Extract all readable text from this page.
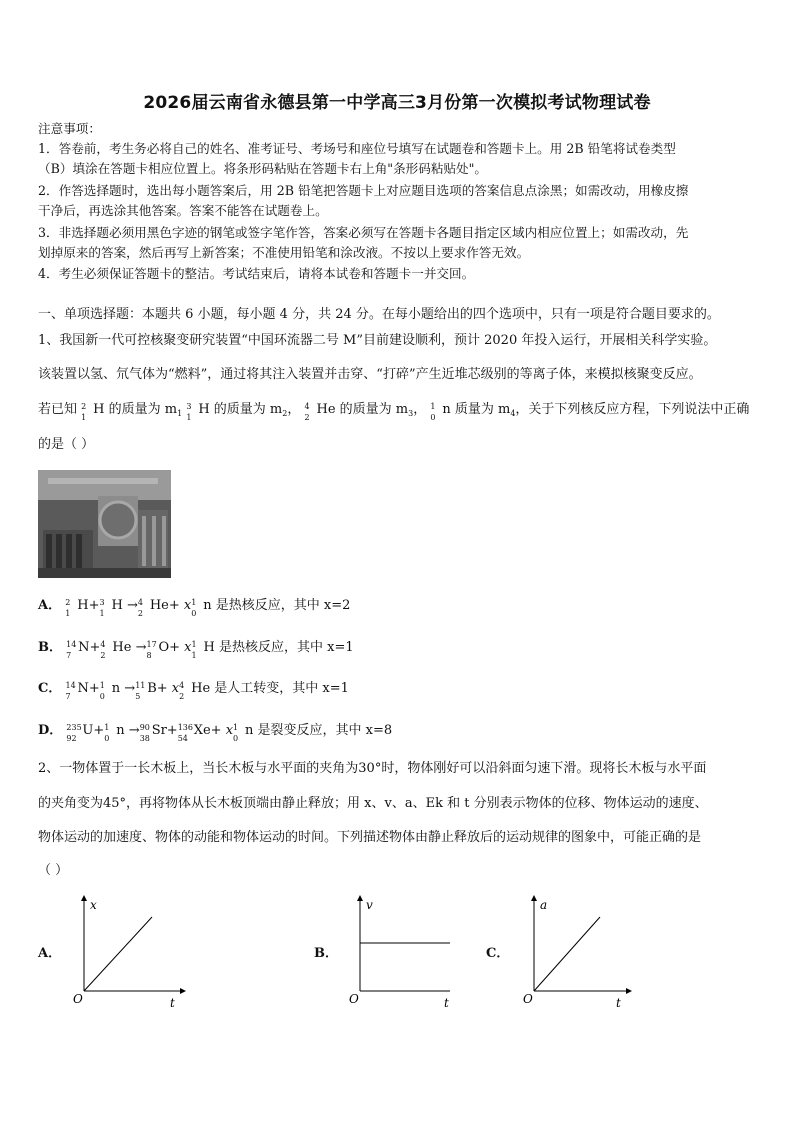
2026届云南省永德县第一中学高三3月份第一次模拟考试物理试卷
注意事项：
1．答卷前，考生务必将自己的姓名、准考证号、考场号和座位号填写在试题卷和答题卡上。用 2B 铅笔将试卷类型
（B）填涂在答题卡相应位置上。将条形码粘贴在答题卡右上角"条形码粘贴处"。
2．作答选择题时，选出每小题答案后，用 2B 铅笔把答题卡上对应题目选项的答案信息点涂黑；如需改动，用橡皮擦
干净后，再选涂其他答案。答案不能答在试题卷上。
3．非选择题必须用黑色字迹的钢笔或签字笔作答，答案必须写在答题卡各题目指定区域内相应位置上；如需改动，先
划掉原来的答案，然后再写上新答案；不准使用铅笔和涂改液。不按以上要求作答无效。
4．考生必须保证答题卡的整洁。考试结束后，请将本试卷和答题卡一并交回。
一、单项选择题：本题共 6 小题，每小题 4 分，共 24 分。在每小题给出的四个选项中，只有一项是符合题目要求的。
1、我国新一代可控核聚变研究装置“中国环流器二号 M”目前建设顺利，预计 2020 年投入运行，开展相关科学实验。
该装置以氢、氘气体为“燃料”，通过将其注入装置并击穿、“打碎”产生近堆芯级别的等离子体，来模拟核聚变反应。
若已知 2
1
H 的质量为 $m_1$
3
1
H 的质量为 $m_2$， 4
2
He 的质量为 $m_3$， 1
0
n 质量为 $m_4$，关于下列核反应方程，下列说法中正确
的是（ ）
A． 2
1
H+ 3
1
H → 4
2
He+ x 1
0
n 是热核反应，其中 x=2
B． 14
7
N+ 4
2
He → 17
8
O+ x 1
1
H 是热核反应，其中 x=1
C． 14
7
N+ 1
0
n → 11
5
B+ x 4
2
He 是人工转变，其中 x=1
D． 235
92
U+ 1
0
n → 90
38
Sr+ 136
54
Xe+ x 1
0
n 是裂变反应，其中 x=8
2、一物体置于一长木板上，当长木板与水平面的夹角为30°时，物体刚好可以沿斜面匀速下滑。现将长木板与水平面
的夹角变为45°，再将物体从长木板顶端由静止释放；用 x、v、a、Ek 和 t 分别表示物体的位移、物体运动的速度、
物体运动的加速度、物体的动能和物体运动的时间。下列描述物体由静止释放后的运动规律的图象中，可能正确的是
（ ）
A．
x
O	t
B．
v
O	t
C．
a
O	t
